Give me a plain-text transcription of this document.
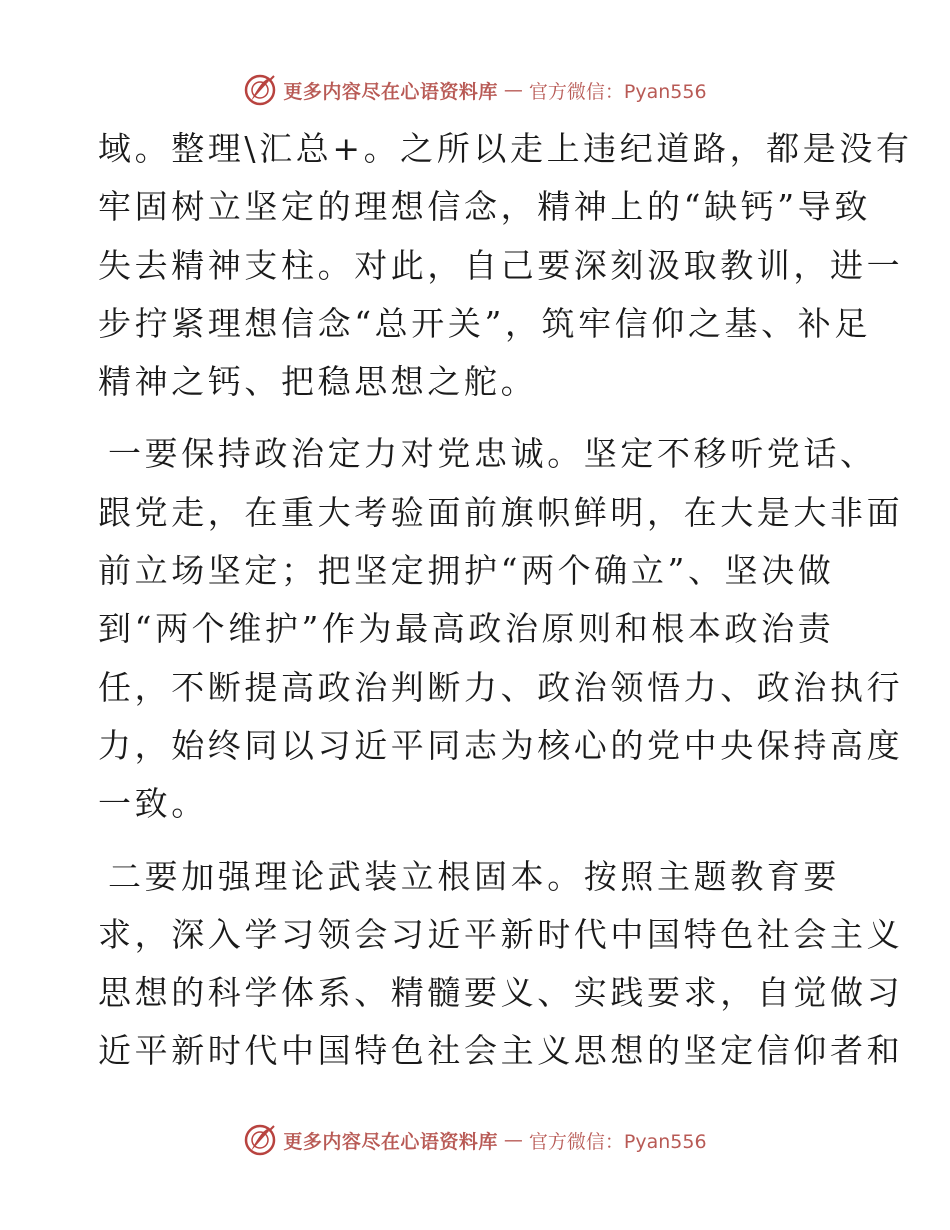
更多内容尽在心语资料库 — 官方微信：Pyan556

域。整理\汇总+。之所以走上违纪道路，都是没有
牢固树立坚定的理想信念，精神上的“缺钙”导致
失去精神支柱。对此，自己要深刻汲取教训，进一
步拧紧理想信念“总开关”，筑牢信仰之基、补足
精神之钙、把稳思想之舵。

一要保持政治定力对党忠诚。坚定不移听党话、
跟党走，在重大考验面前旗帜鲜明，在大是大非面
前立场坚定；把坚定拥护“两个确立”、坚决做
到“两个维护”作为最高政治原则和根本政治责
任，不断提高政治判断力、政治领悟力、政治执行
力，始终同以习近平同志为核心的党中央保持高度
一致。

二要加强理论武装立根固本。按照主题教育要
求，深入学习领会习近平新时代中国特色社会主义
思想的科学体系、精髓要义、实践要求，自觉做习
近平新时代中国特色社会主义思想的坚定信仰者和

更多内容尽在心语资料库 — 官方微信：Pyan556
